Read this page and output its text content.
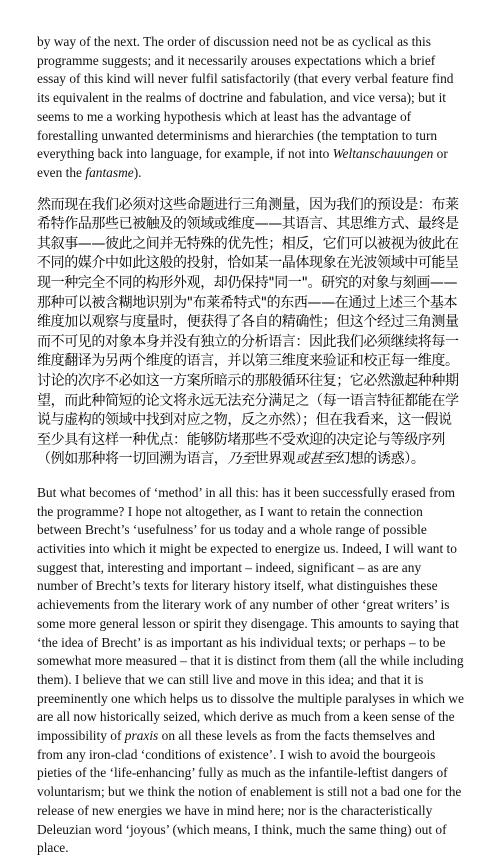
by way of the next. The order of discussion need not be as cyclical as this programme suggests; and it necessarily arouses expectations which a brief essay of this kind will never fulfil satisfactorily (that every verbal feature find its equivalent in the realms of doctrine and fabulation, and vice versa); but it seems to me a working hypothesis which at least has the advantage of forestalling unwanted determinisms and hierarchies (the temptation to turn everything back into language, for example, if not into Weltanschauungen or even the fantasme).

然而现在我们必须对这些命题进行三角测量，因为我们的预设是：布莱希特作品那些已被触及的领域或维度——其语言、其思维方式、最终是其叙事——彼此之间并无特殊的优先性；相反，它们可以被视为彼此在不同的媒介中如此这般的投射，恰如某一晶体现象在光波领域中可能呈现一种完全不同的构形外观，却仍保持"同一"。研究的对象与刻画——那种可以被含糊地识别为"布莱希特式"的东西——在通过上述三个基本维度加以观察与度量时，便获得了各自的精确性；但这个经过三角测量而不可见的对象本身并没有独立的分析语言：因此我们必须继续将每一维度翻译为另两个维度的语言，并以第三维度来验证和校正每一维度。讨论的次序不必如这一方案所暗示的那般循环往复；它必然激起种种期望，而此种简短的论文将永远无法充分满足之（每一语言特征都能在学说与虚构的领域中找到对应之物，反之亦然）；但在我看来，这一假说至少具有这样一种优点：能够防堵那些不受欢迎的决定论与等级序列（例如那种将一切回溯为语言，乃至世界观或甚至幻想的诱惑）。

But what becomes of ‘method’ in all this: has it been successfully erased from the programme? I hope not altogether, as I want to retain the connection between Brecht’s ‘usefulness’ for us today and a whole range of possible activities into which it might be expected to energize us. Indeed, I will want to suggest that, interesting and important – indeed, significant – as are any number of Brecht’s texts for literary history itself, what distinguishes these achievements from the literary work of any number of other ‘great writers’ is some more general lesson or spirit they disengage. This amounts to saying that ‘the idea of Brecht’ is as important as his individual texts; or perhaps – to be somewhat more measured – that it is distinct from them (all the while including them). I believe that we can still live and move in this idea; and that it is preeminently one which helps us to dissolve the multiple paralyses in which we are all now historically seized, which derive as much from a keen sense of the impossibility of praxis on all these levels as from the facts themselves and from any iron-clad ‘conditions of existence’. I wish to avoid the bourgeois pieties of the ‘life-enhancing’ fully as much as the infantile-leftist dangers of voluntarism; but we think the notion of enablement is still not a bad one for the release of new energies we have in mind here; nor is the characteristically Deleuzian word ‘joyous’ (which means, I think, much the same thing) out of place.
